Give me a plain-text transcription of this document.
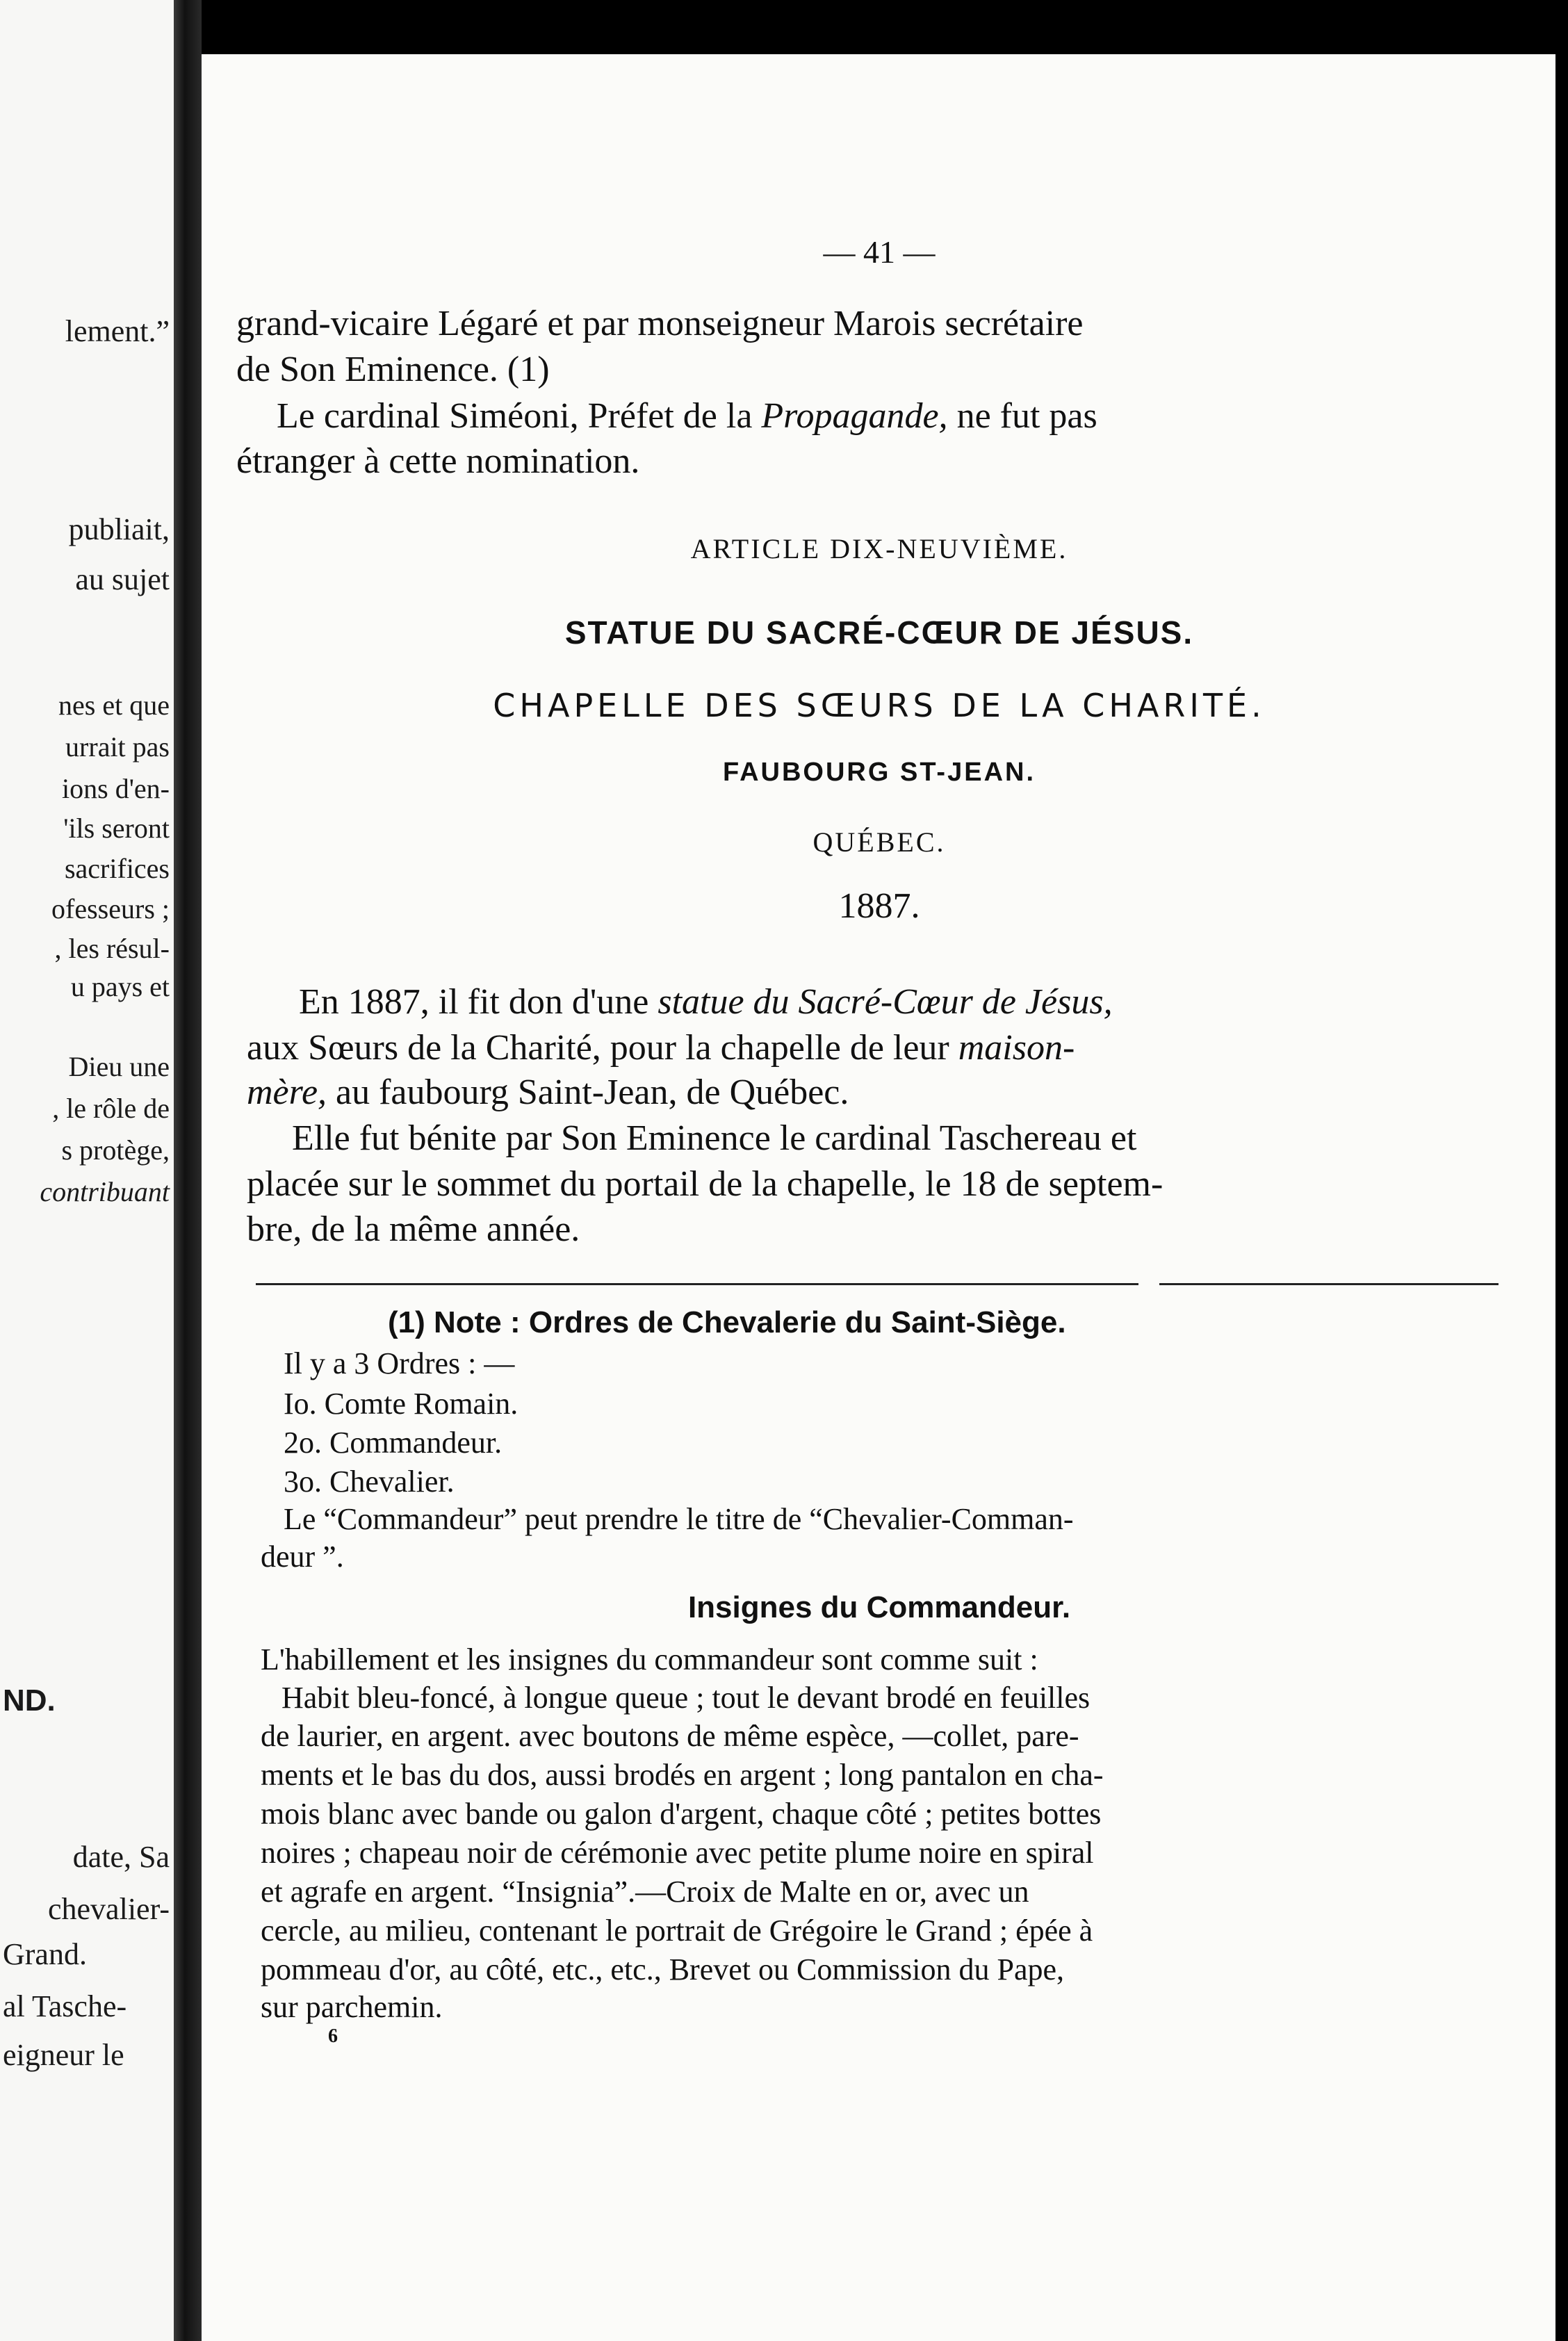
lement.”
publiait,
au sujet
nes et que
urrait pas
ions d'en-
'ils seront
sacrifices
ofesseurs ;
, les résul-
u pays et
Dieu une
, le rôle de
s protège,
contribuant
ND.
date, Sa
chevalier-
Grand.
al Tasche-
eigneur le
— 41 —
grand-vicaire Légaré et par monseigneur Marois secrétaire
de Son Eminence. (1)
Le cardinal Siméoni, Préfet de la Propagande, ne fut pas
étranger à cette nomination.
ARTICLE DIX-NEUVIÈME.
STATUE DU SACRÉ-CŒUR DE JÉSUS.
CHAPELLE DES SŒURS DE LA CHARITÉ.
FAUBOURG ST-JEAN.
QUÉBEC.
1887.
En 1887, il fit don d'une statue du Sacré-Cœur de Jésus,
aux Sœurs de la Charité, pour la chapelle de leur maison-
mère, au faubourg Saint-Jean, de Québec.
Elle fut bénite par Son Eminence le cardinal Taschereau et
placée sur le sommet du portail de la chapelle, le 18 de septem-
bre, de la même année.
(1) Note : Ordres de Chevalerie du Saint-Siège.
Il y a 3 Ordres : —
Io. Comte Romain.
2o. Commandeur.
3o. Chevalier.
Le “Commandeur” peut prendre le titre de “Chevalier-Comman-
deur ”.
Insignes du Commandeur.
L'habillement et les insignes du commandeur sont comme suit :
Habit bleu-foncé, à longue queue ; tout le devant brodé en feuilles
de laurier, en argent. avec boutons de même espèce, —collet, pare-
ments et le bas du dos, aussi brodés en argent ; long pantalon en cha-
mois blanc avec bande ou galon d'argent, chaque côté ; petites bottes
noires ; chapeau noir de cérémonie avec petite plume noire en spiral
et agrafe en argent. “Insignia”.—Croix de Malte en or, avec un
cercle, au milieu, contenant le portrait de Grégoire le Grand ; épée à
pommeau d'or, au côté, etc., etc., Brevet ou Commission du Pape,
sur parchemin.
6
